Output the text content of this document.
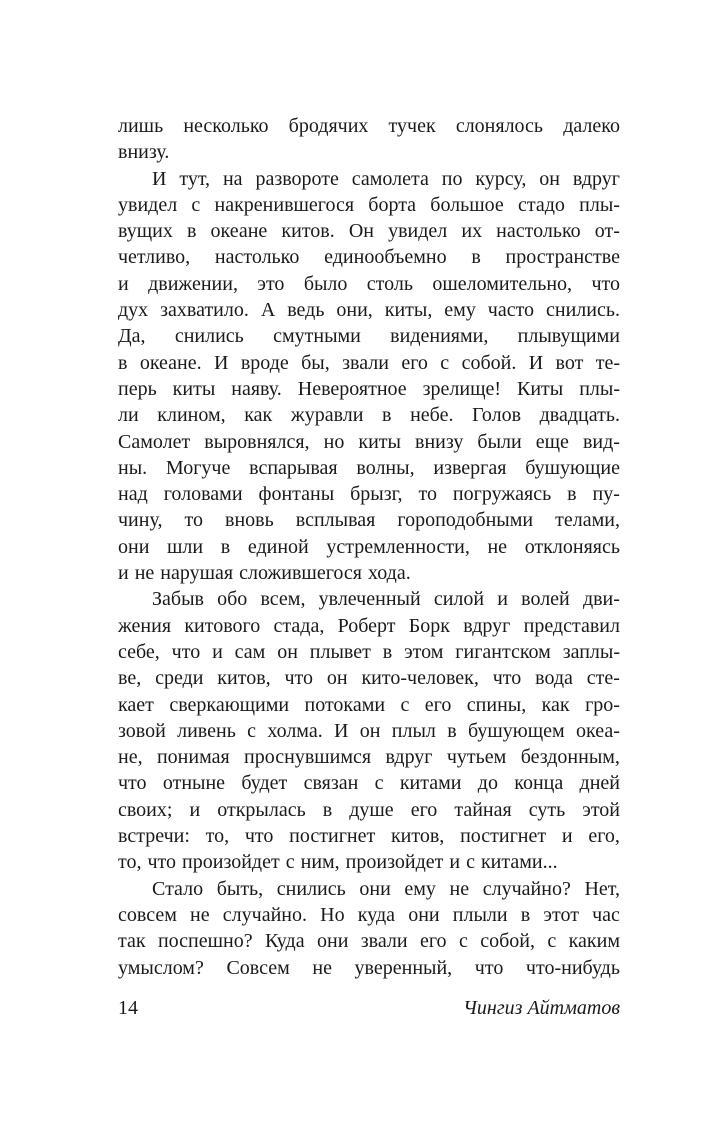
лишь несколько бродячих тучек слонялось далеко
внизу.
И тут, на развороте самолета по курсу, он вдруг
увидел с накренившегося борта большое стадо плы-
вущих в океане китов. Он увидел их настолько от-
четливо, настолько единообъемно в пространстве
и движении, это было столь ошеломительно, что
дух захватило. А ведь они, киты, ему часто снились.
Да, снились смутными видениями, плывущими
в океане. И вроде бы, звали его с собой. И вот те-
перь киты наяву. Невероятное зрелище! Киты плы-
ли клином, как журавли в небе. Голов двадцать.
Самолет выровнялся, но киты внизу были еще вид-
ны. Могуче вспарывая волны, извергая бушующие
над головами фонтаны брызг, то погружаясь в пу-
чину, то вновь всплывая гороподобными телами,
они шли в единой устремленности, не отклоняясь
и не нарушая сложившегося хода.
Забыв обо всем, увлеченный силой и волей дви-
жения китового стада, Роберт Борк вдруг представил
себе, что и сам он плывет в этом гигантском заплы-
ве, среди китов, что он кито-человек, что вода сте-
кает сверкающими потоками с его спины, как гро-
зовой ливень с холма. И он плыл в бушующем океа-
не, понимая проснувшимся вдруг чутьем бездонным,
что отныне будет связан с китами до конца дней
своих; и открылась в душе его тайная суть этой
встречи: то, что постигнет китов, постигнет и его,
то, что произойдет с ним, произойдет и с китами...
Стало быть, снились они ему не случайно? Нет,
совсем не случайно. Но куда они плыли в этот час
так поспешно? Куда они звали его с собой, с каким
умыслом? Совсем не уверенный, что что-нибудь
14	Чингиз Айтматов
